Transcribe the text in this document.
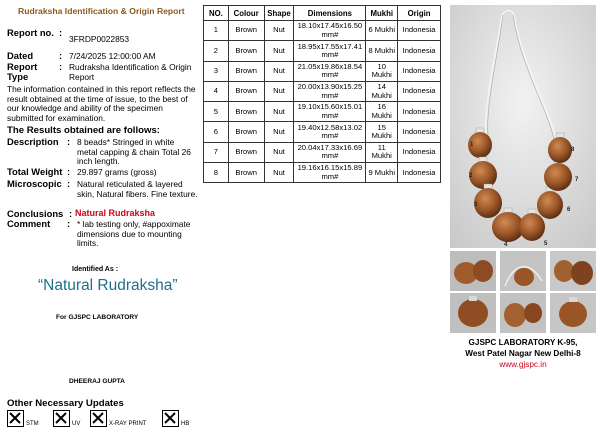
Rudraksha Identification & Origin Report
Report no. :
3FRDP0022853
Dated	: 7/24/2025 12:00:00 AM
Report Type
: Rudraksha Identification & Origin Report
The information contained in this report reflects the result obtained at the time of issue, to the best of our knowledge and ability of the specimen submitted for examination.
The Results obtained are follows:
Description : 8 beads* Stringed in white metal capping & chain Total 26 inch length.
Total Weight : 29.897 grams (gross)
Microscopic : Natural reticulated & layered skin, Natural fibers. Fine texture.
Conclusions : Natural Rudraksha
Comment : * lab testing only, #appoximate dimensions due to mounting limits.
Identified As :
“Natural Rudraksha”
For GJSPC LABORATORY
DHEERAJ GUPTA
Other Necessary Updates
STM	UV	X-RAY PRINT	HB
NO.	Colour	Shape	Dimensions	Mukhi	Origin
1	Brown	Nut	18.10x17.45x16.50 mm#	6 Mukhi	Indonesia
2	Brown	Nut	18.95x17.55x17.41 mm#	8 Mukhi	Indonesia
3	Brown	Nut	21.05x19.86x18.54 mm#	10 Mukhi	Indonesia
4	Brown	Nut	20.00x13.90x15.25 mm#	14 Mukhi	Indonesia
5	Brown	Nut	19.10x15.60x15.01 mm#	16 Mukhi	Indonesia
6	Brown	Nut	19.40x12.58x13.02 mm#	15 Mukhi	Indonesia
7	Brown	Nut	20.04x17.33x16.69 mm#	11 Mukhi	Indonesia
8	Brown	Nut	19.16x16.15x15.89 mm#	9 Mukhi	Indonesia
1
2
3
4	5
6
7
8
GJSPC LABORATORY K-95,
West Patel Nagar New Delhi-8
www.gjspc.in
